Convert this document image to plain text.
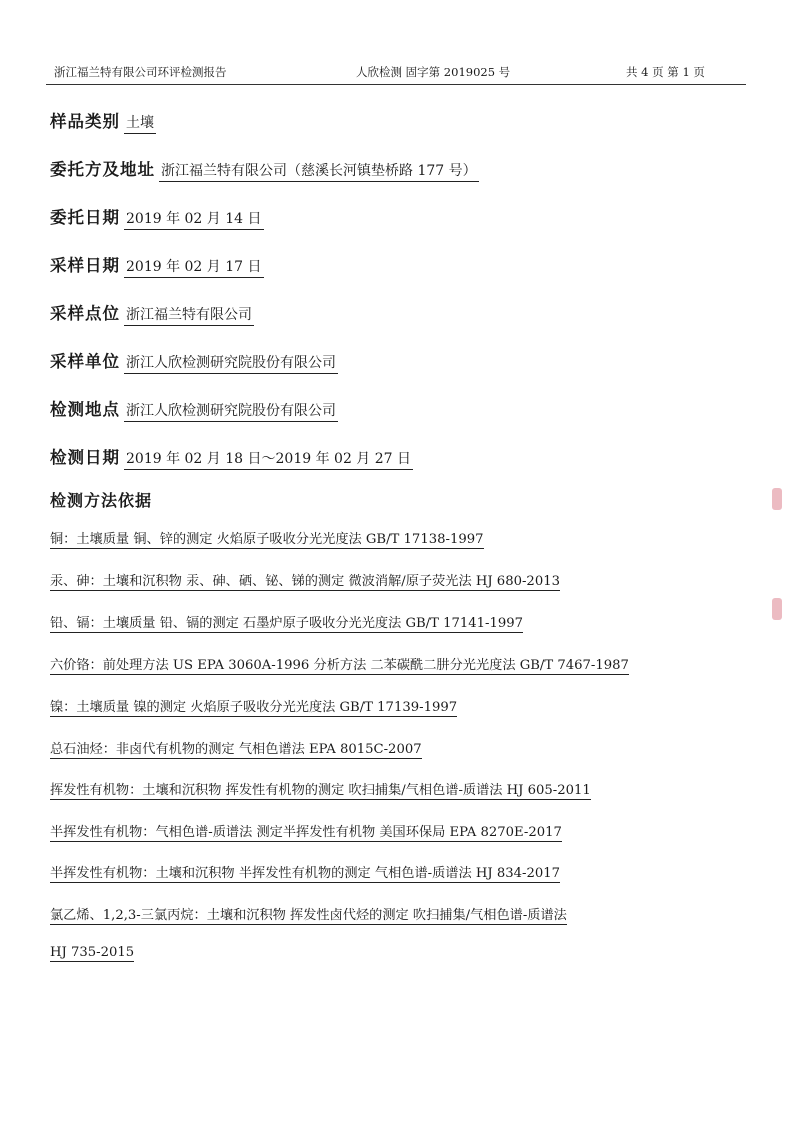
浙江福兰特有限公司环评检测报告	人欣检测 固字第 2019025 号	共 4 页 第 1 页
样品类别 土壤
委托方及地址 浙江福兰特有限公司（慈溪长河镇垫桥路 177 号）
委托日期 2019 年 02 月 14 日
采样日期 2019 年 02 月 17 日
采样点位 浙江福兰特有限公司
采样单位 浙江人欣检测研究院股份有限公司
检测地点 浙江人欣检测研究院股份有限公司
检测日期 2019 年 02 月 18 日～2019 年 02 月 27 日
检测方法依据
铜：土壤质量 铜、锌的测定 火焰原子吸收分光光度法 GB/T 17138-1997
汞、砷：土壤和沉积物 汞、砷、硒、铋、锑的测定 微波消解/原子荧光法 HJ 680-2013
铅、镉：土壤质量 铅、镉的测定 石墨炉原子吸收分光光度法 GB/T 17141-1997
六价铬：前处理方法 US EPA 3060A-1996 分析方法 二苯碳酰二肼分光光度法 GB/T 7467-1987
镍：土壤质量 镍的测定 火焰原子吸收分光光度法 GB/T 17139-1997
总石油烃：非卤代有机物的测定 气相色谱法 EPA 8015C-2007
挥发性有机物：土壤和沉积物 挥发性有机物的测定 吹扫捕集/气相色谱-质谱法 HJ 605-2011
半挥发性有机物：气相色谱-质谱法 测定半挥发性有机物 美国环保局 EPA 8270E-2017
半挥发性有机物：土壤和沉积物 半挥发性有机物的测定 气相色谱-质谱法 HJ 834-2017
氯乙烯、1,2,3-三氯丙烷：土壤和沉积物 挥发性卤代烃的测定 吹扫捕集/气相色谱-质谱法
HJ 735-2015
